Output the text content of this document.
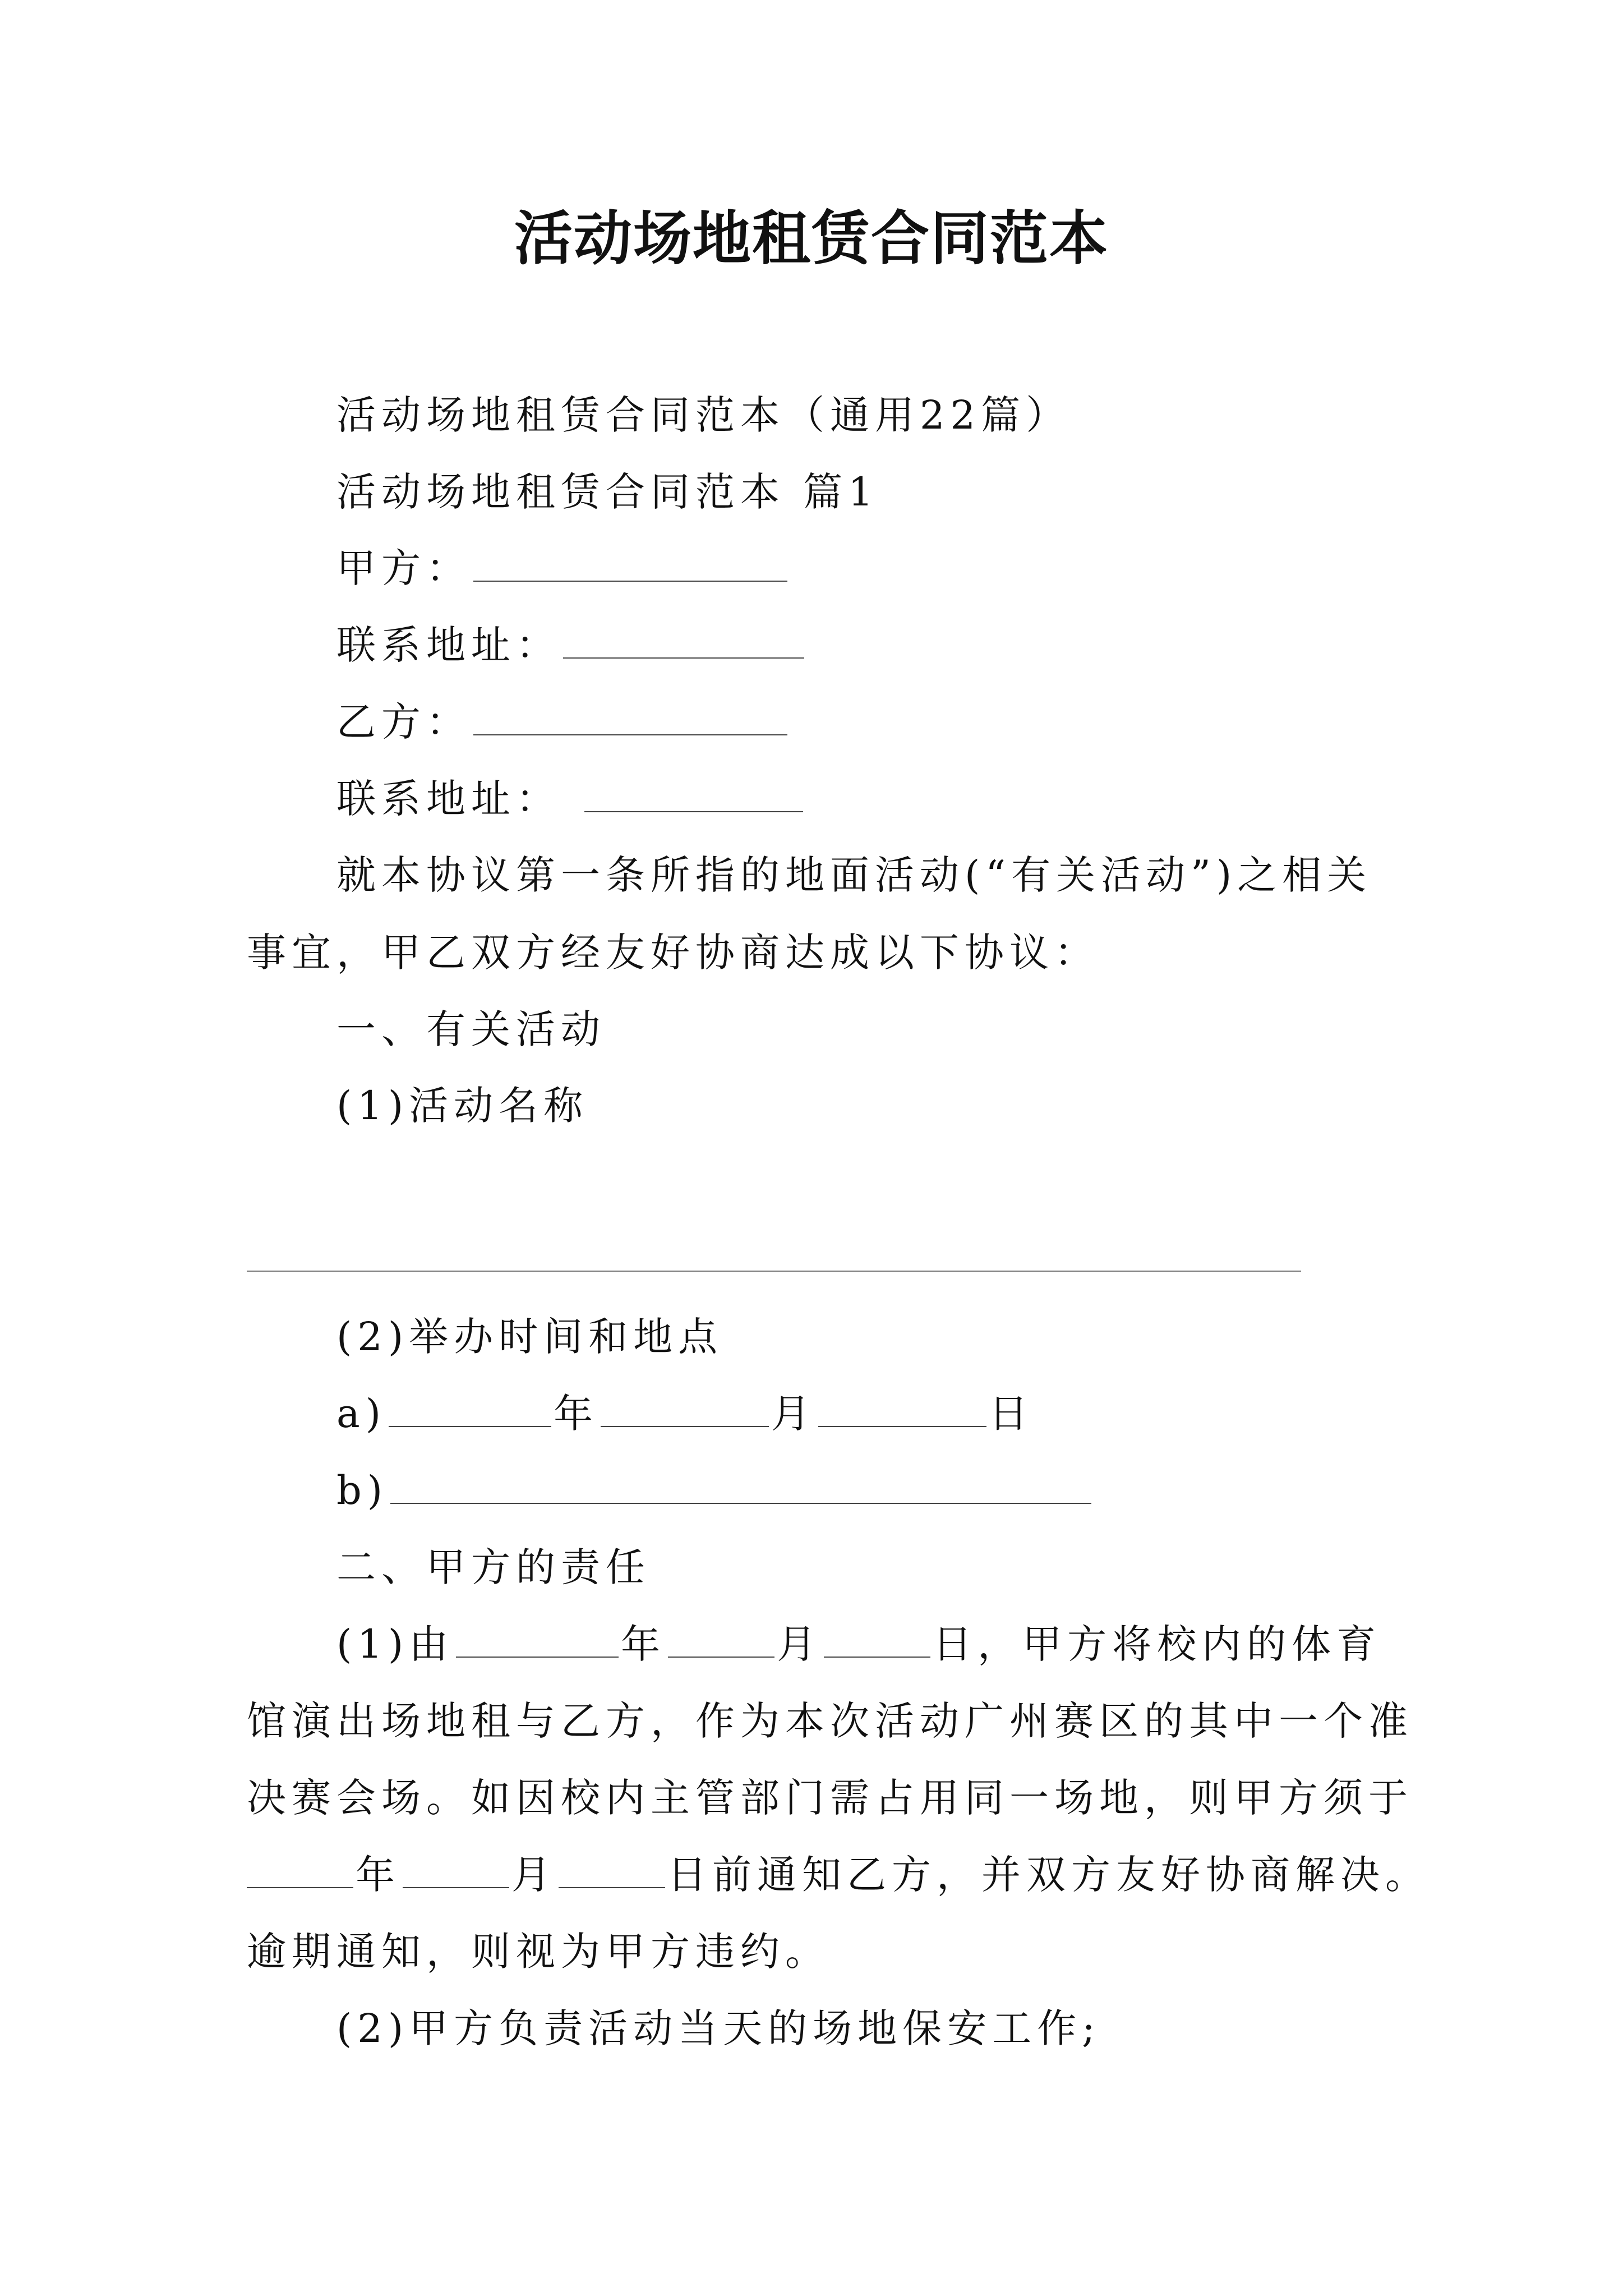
活动场地租赁合同范本
活动场地租赁合同范本（通用22篇）
活动场地租赁合同范本 篇1
甲方：
联系地址：
乙方：
联系地址：
就本协议第一条所指的地面活动(“有关活动”)之相关
事宜，甲乙双方经友好协商达成以下协议：
一、有关活动
(1)活动名称
(2)举办时间和地点
a)	年	月	日
b)
二、甲方的责任
(1)由	年	月	日，甲方将校内的体育
馆演出场地租与乙方，作为本次活动广州赛区的其中一个准
决赛会场。如因校内主管部门需占用同一场地，则甲方须于
年	月	日前通知乙方，并双方友好协商解决。
逾期通知，则视为甲方违约。
(2)甲方负责活动当天的场地保安工作;
